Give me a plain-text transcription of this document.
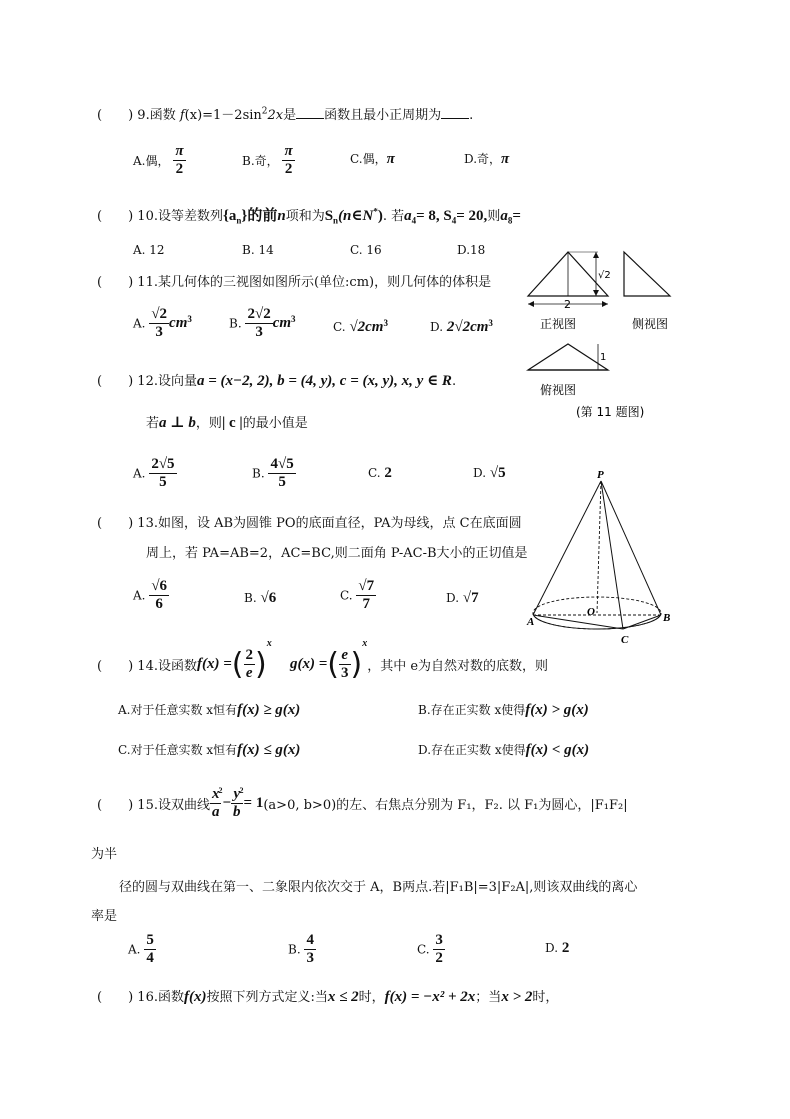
(　　) 9.函数 $f(x)=1-2\sin^22x$是 函数且最小正周期为 .
A.偶， $\frac{\pi}{2}$	B.奇， $\frac{\pi}{2}$	C.偶，π	D.奇，π
(　　) 10.设等差数列$\{a_n\}$的前n项和为$S_n(n\in N^*)$. 若$a_4= 8$, $S_4= 20$,则$a_8=$
A. 12	B. 14	C. 16	D.18
(　　) 11.某几何体的三视图如图所示(单位:cm)，则几何体的体积是
A. $\frac{√2}{3} cm^3$	B. $\frac{2√2}{3} cm^3$
C. $√2cm^3$	D. $2√2cm^3$
2
√2
1
正视图	侧视图
俯视图
(第 11 题图)
(　　) 12.设向量a = (x−2, 2), b = (4, y), c = (x, y), x, y ∈ R.
若a ⊥ b，则| c |的最小值是
A. $\frac{2√5}{5}$	B. $\frac{4√5}{5}$	C. 2	D. √5
(　　) 13.如图，设 AB为圆锥 PO的底面直径，PA为母线，点 C在底面圆
周上，若 PA=AB=2，AC=BC,则二面角 P-AC-B大小的正切值是
A. $\frac{√6}{6}$	B. √6	C. $\frac{√7}{7}$	D. √7
P
O
A	B
C
(　　) 14.设函数f(x) =( $\frac{2}{e} )^x$  g(x) =( $\frac{e}{3} )^x$，其中 e为自然对数的底数，则
A.对于任意实数 x恒有f(x) ≥ g(x)	B.存在正实数 x使得f(x) > g(x)
C.对于任意实数 x恒有f(x) ≤ g(x)	D.存在正实数 x使得f(x) < g(x)
(　　) 15.设双曲线 $\frac{x}{a}$
$^2- \frac{y}{b}$
$^2$= 1(a>0, b>0)的左、右焦点分别为 F₁，F₂. 以 F₁为圆心，|F₁F₂|
为半
径的圆与双曲线在第一、二象限内依次交于 A，B两点.若|F₁B|=3|F₂A|,则该双曲线的离心
率是
A. $\frac{5}{4}$	B. $\frac{4}{3}$	C. $\frac{3}{2}$	D. 2
(　　) 16.函数f(x)按照下列方式定义:当x ≤ 2时，f(x) = −x² + 2x；当x > 2时，
